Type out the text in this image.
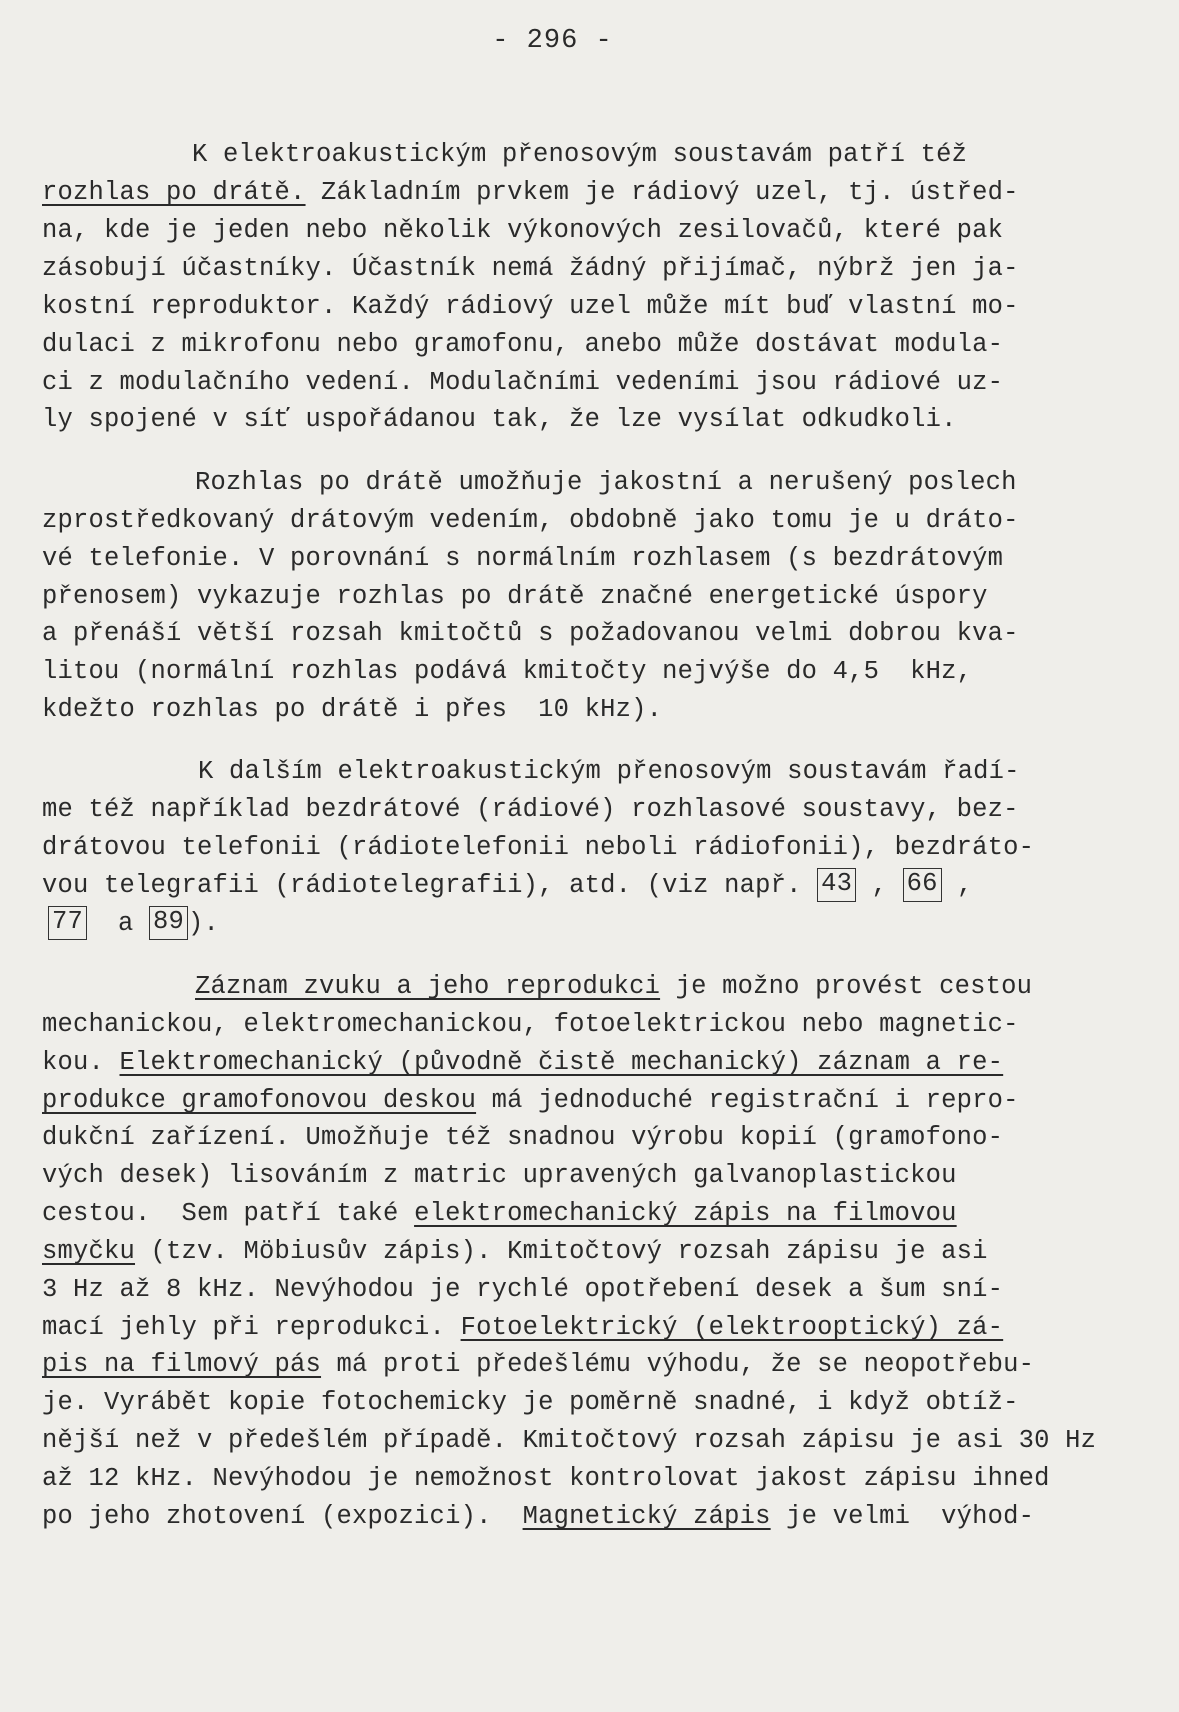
- 296 -
K elektroakustickým přenosovým soustavám patří též
rozhlas po drátě. Základním prvkem je rádiový uzel, tj. ústřed-
na, kde je jeden nebo několik výkonových zesilovačů, které pak
zásobují účastníky. Účastník nemá žádný přijímač, nýbrž jen ja-
kostní reproduktor. Každý rádiový uzel může mít buď vlastní mo-
dulaci z mikrofonu nebo gramofonu, anebo může dostávat modula-
ci z modulačního vedení. Modulačními vedeními jsou rádiové uz-
ly spojené v síť uspořádanou tak, že lze vysílat odkudkoli.
Rozhlas po drátě umožňuje jakostní a nerušený poslech
zprostředkovaný drátovým vedením, obdobně jako tomu je u dráto-
vé telefonie. V porovnání s normálním rozhlasem (s bezdrátovým
přenosem) vykazuje rozhlas po drátě značné energetické úspory
a přenáší větší rozsah kmitočtů s požadovanou velmi dobrou kva-
litou (normální rozhlas podává kmitočty nejvýše do 4,5  kHz,
kdežto rozhlas po drátě i přes  10 kHz).
K dalším elektroakustickým přenosovým soustavám řadí-
me též například bezdrátové (rádiové) rozhlasové soustavy, bez-
drátovou telefonii (rádiotelefonii neboli rádiofonii), bezdráto-
vou telegrafii (rádiotelegrafii), atd. (viz např. 43 , 66 ,
77  a 89 ).
Záznam zvuku a jeho reprodukci je možno provést cestou
mechanickou, elektromechanickou, fotoelektrickou nebo magnetic-
kou. Elektromechanický (původně čistě mechanický) záznam a re-
produkce gramofonovou deskou má jednoduché registrační i repro-
dukční zařízení. Umožňuje též snadnou výrobu kopií (gramofono-
vých desek) lisováním z matric upravených galvanoplastickou
cestou.  Sem patří také elektromechanický zápis na filmovou
smyčku (tzv. Möbiusův zápis). Kmitočtový rozsah zápisu je asi
3 Hz až 8 kHz. Nevýhodou je rychlé opotřebení desek a šum sní-
mací jehly při reprodukci. Fotoelektrický (elektrooptický) zá-
pis na filmový pás má proti předešlému výhodu, že se neopotřebu-
je. Vyrábět kopie fotochemicky je poměrně snadné, i když obtíž-
nější než v předešlém případě. Kmitočtový rozsah zápisu je asi 30 Hz
až 12 kHz. Nevýhodou je nemožnost kontrolovat jakost zápisu ihned
po jeho zhotovení (expozici).  Magnetický zápis je velmi  výhod-
